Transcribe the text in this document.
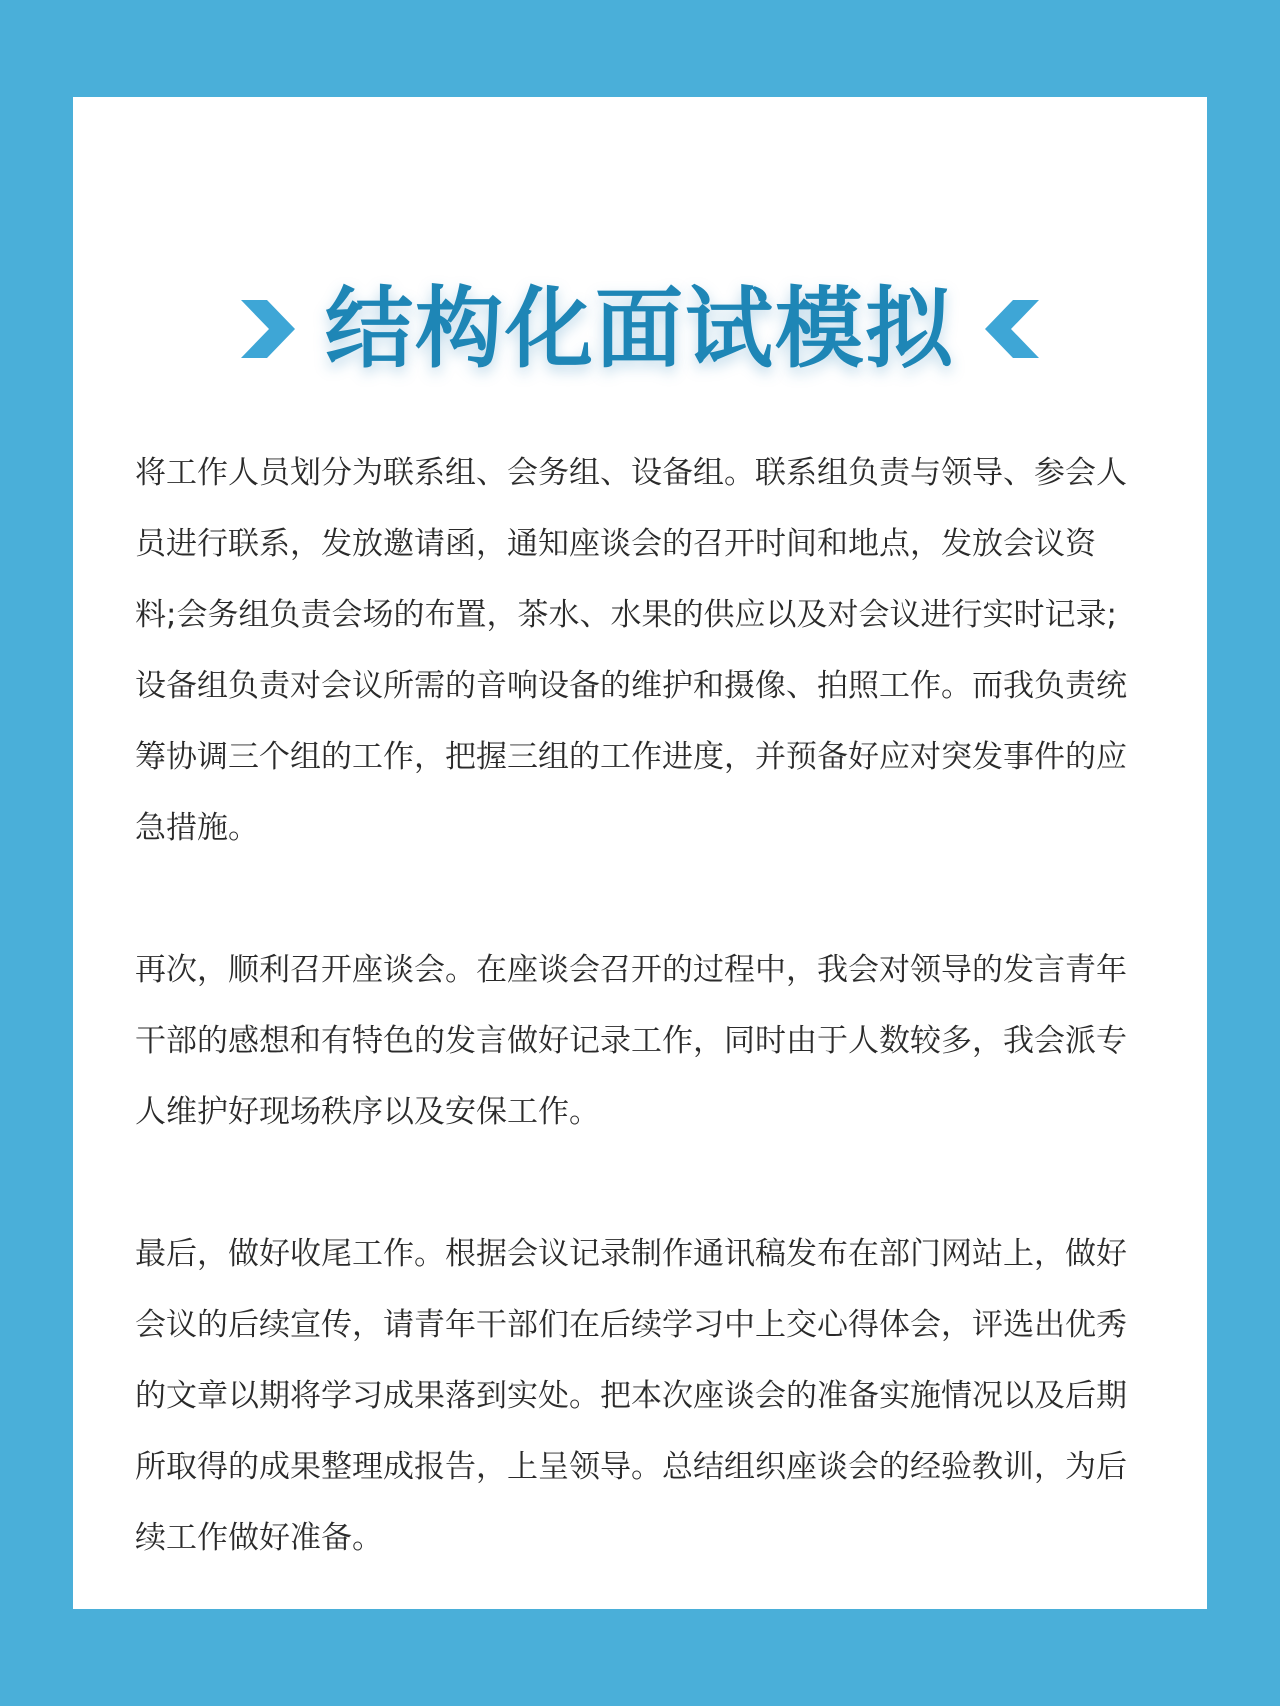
结构化面试模拟

将工作人员划分为联系组、会务组、设备组。联系组负责与领导、参会人员进行联系，发放邀请函，通知座谈会的召开时间和地点，发放会议资料;会务组负责会场的布置，茶水、水果的供应以及对会议进行实时记录;设备组负责对会议所需的音响设备的维护和摄像、拍照工作。而我负责统筹协调三个组的工作，把握三组的工作进度，并预备好应对突发事件的应急措施。

再次，顺利召开座谈会。在座谈会召开的过程中，我会对领导的发言青年干部的感想和有特色的发言做好记录工作，同时由于人数较多，我会派专人维护好现场秩序以及安保工作。

最后，做好收尾工作。根据会议记录制作通讯稿发布在部门网站上，做好会议的后续宣传，请青年干部们在后续学习中上交心得体会，评选出优秀的文章以期将学习成果落到实处。把本次座谈会的准备实施情况以及后期所取得的成果整理成报告，上呈领导。总结组织座谈会的经验教训，为后续工作做好准备。
